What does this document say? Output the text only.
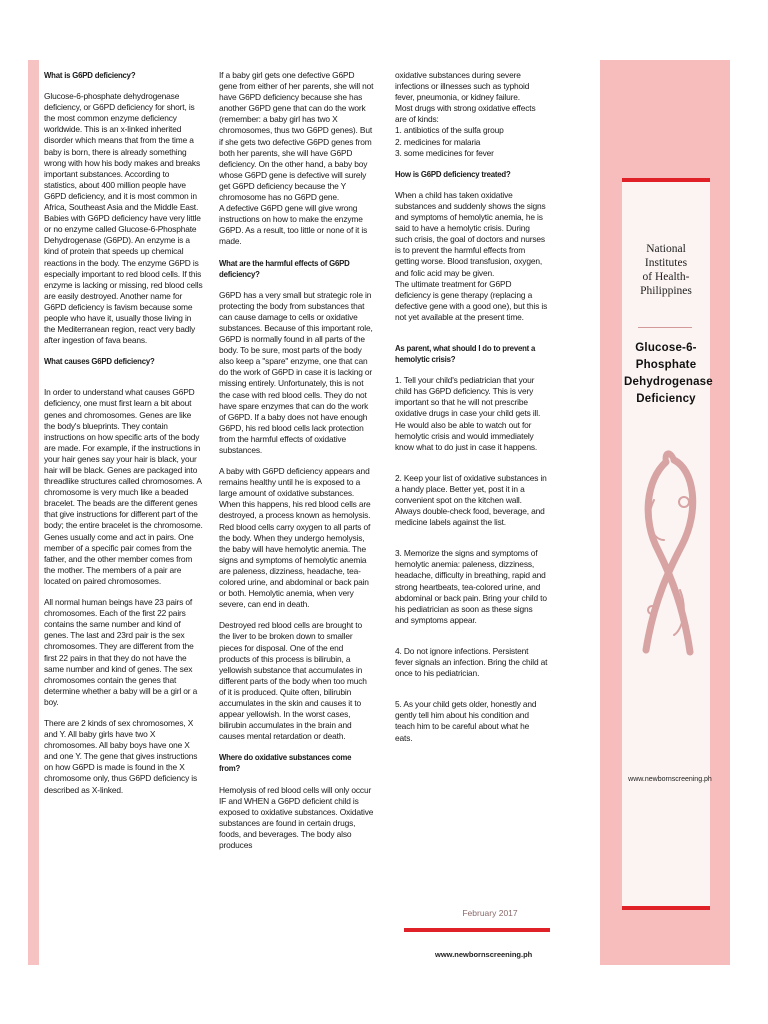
What is G6PD deficiency?

Glucose-6-phosphate dehydrogenase deficiency, or G6PD deficiency for short, is the most common enzyme deficiency worldwide. This is an x-linked inherited disorder which means that from the time a baby is born, there is already something wrong with how his body makes and breaks important substances. According to statistics, about 400 million people have G6PD deficiency, and it is most common in Africa, Southeast Asia and the Middle East.

Babies with G6PD deficiency have very little or no enzyme called Glucose-6-Phosphate Dehydrogenase (G6PD). An enzyme is a kind of protein that speeds up chemical reactions in the body. The enzyme G6PD is especially important to red blood cells. If this enzyme is lacking or missing, red blood cells are easily destroyed. Another name for G6PD deficiency is favism because some people who have it, usually those living in the Mediterranean region, react very badly after ingestion of fava beans.

What causes G6PD deficiency?

In order to understand what causes G6PD deficiency, one must first learn a bit about genes and chromosomes. Genes are like the body's blueprints. They contain instructions on how specific arts of the body are made. For example, if the instructions in your hair genes say your hair is black, your hair will be black. Genes are packaged into threadlike structures called chromosomes. A chromosome is very much like a beaded bracelet. The beads are the different genes that give instructions for different part of the body; the entire bracelet is the chromosome. Genes usually come and act in pairs. One member of a specific pair comes from the father, and the other member comes from the mother. The members of a pair are located on paired chromosomes.

All normal human beings have 23 pairs of chromosomes. Each of the first 22 pairs contains the same number and kind of genes. The last and 23rd pair is the sex chromosomes. They are different from the first 22 pairs in that they do not have the same number and kind of genes. The sex chromosomes contain the genes that determine whether a baby will be a girl or a boy.

There are 2 kinds of sex chromosomes, X and Y. All baby girls have two X chromosomes. All baby boys have one X and one Y. The gene that gives instructions on how G6PD is made is found in the X chromosome only, thus G6PD deficiency is described as X-linked.

If a baby girl gets one defective G6PD gene from either of her parents, she will not have G6PD deficiency because she has another G6PD gene that can do the work (remember: a baby girl has two X chromosomes, thus two G6PD genes). But if she gets two defective G6PD genes from both her parents, she will have G6PD deficiency. On the other hand, a baby boy whose G6PD gene is defective will surely get G6PD deficiency because the Y chromosome has no G6PD gene.

A defective G6PD gene will give wrong instructions on how to make the enzyme G6PD. As a result, too little or none of it is made.

What are the harmful effects of G6PD deficiency?

G6PD has a very small but strategic role in protecting the body from substances that can cause damage to cells or oxidative substances. Because of this important role, G6PD is normally found in all parts of the body. To be sure, most parts of the body also keep a "spare" enzyme, one that can do the work of G6PD in case it is lacking or missing entirely. Unfortunately, this is not the case with red blood cells. They do not have spare enzymes that can do the work of G6PD. If a baby does not have enough G6PD, his red blood cells lack protection from the harmful effects of oxidative substances.

A baby with G6PD deficiency appears and remains healthy until he is exposed to a large amount of oxidative substances. When this happens, his red blood cells are destroyed, a process known as hemolysis. Red blood cells carry oxygen to all parts of the body. When they undergo hemolysis, the baby will have hemolytic anemia. The signs and symptoms of hemolytic anemia are paleness, dizziness, headache, tea-colored urine, and abdominal or back pain or both. Hemolytic anemia, when very severe, can end in death.

Destroyed red blood cells are brought to the liver to be broken down to smaller pieces for disposal. One of the end products of this process is bilirubin, a yellowish substance that accumulates in different parts of the body when too much of it is produced. Quite often, bilirubin accumulates in the skin and causes it to appear yellowish. In the worst cases, bilirubin accumulates in the brain and causes mental retardation or death.

Where do oxidative substances come from?

Hemolysis of red blood cells will only occur IF and WHEN a G6PD deficient child is exposed to oxidative substances. Oxidative substances are found in certain drugs, foods, and beverages. The body also produces

oxidative substances during severe infections or illnesses such as typhoid fever, pneumonia, or kidney failure.

Most drugs with strong oxidative effects are of kinds:

1. antibiotics of the sulfa group

2. medicines for malaria

3. some medicines for fever

How is G6PD deficiency treated?

When a child has taken oxidative substances and suddenly shows the signs and symptoms of hemolytic anemia, he is said to have a hemolytic crisis. During such crisis, the goal of doctors and nurses is to prevent the harmful effects from getting worse. Blood transfusion, oxygen, and folic acid may be given.

The ultimate treatment for G6PD deficiency is gene therapy (replacing a defective gene with a good one), but this is not yet available at the present time.

As parent, what should I do to prevent a hemolytic crisis?

1. Tell your child's pediatrician that your child has G6PD deficiency. This is very important so that he will not prescribe oxidative drugs in case your child gets ill. He would also be able to watch out for hemolytic crisis and would immediately know what to do just in case it happens.

2. Keep your list of oxidative substances in a handy place. Better yet, post it in a convenient spot on the kitchen wall. Always double-check food, beverage, and medicine labels against the list.

3. Memorize the signs and symptoms of hemolytic anemia: paleness, dizziness, headache, difficulty in breathing, rapid and strong heartbeats, tea-colored urine, and abdominal or back pain. Bring your child to his pediatrician as soon as these signs and symptoms appear.

4. Do not ignore infections. Persistent fever signals an infection. Bring the child at once to his pediatrician.

5. As your child gets older, honestly and gently tell him about his condition and teach him to be careful about what he eats.

National Institutes
of Health-
Philippines
Glucose-6-
Phosphate
Dehydrogenase
Deficiency
www.newbornscreening.ph
February 2017
www.newbornscreening.ph
